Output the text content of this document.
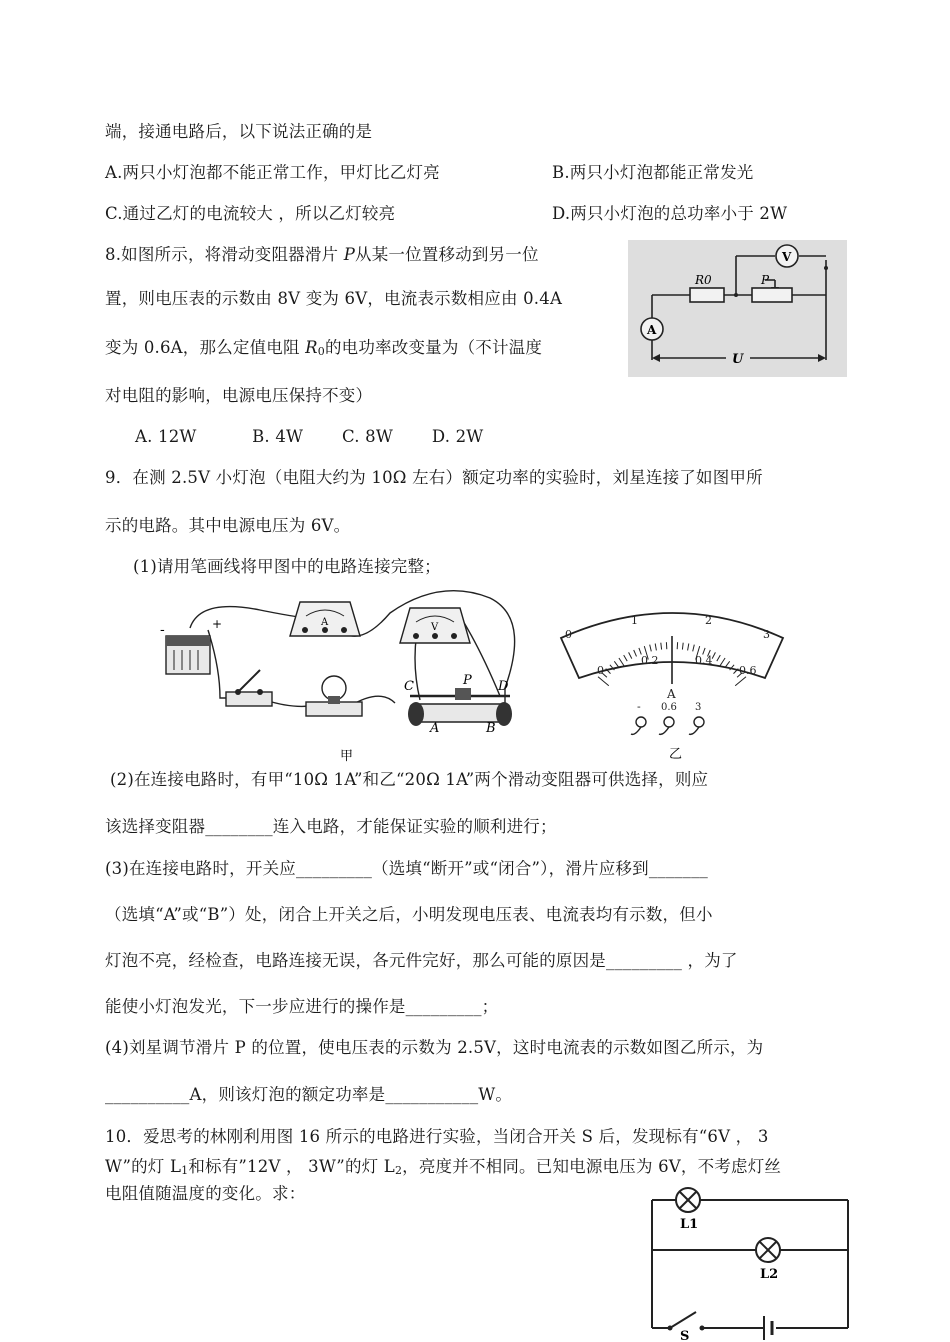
端，接通电路后，以下说法正确的是
A.两只小灯泡都不能正常工作，甲灯比乙灯亮	B.两只小灯泡都能正常发光
C.通过乙灯的电流较大 ，所以乙灯较亮	D.两只小灯泡的总功率小于 2W
8.如图所示，将滑动变阻器滑片 P从某一位置移动到另一位
置，则电压表的示数由 8V 变为 6V，电流表示数相应由 0.4A
变为 0.6A，那么定值电阻 $R_0$的电功率改变量为（不计温度
对电阻的影响，电源电压保持不变）
A. 12W　　　 B. 4W　　 C. 8W　　 D. 2W
R0	P
V
A
U
9．在测 2.5V 小灯泡（电阻大约为 10Ω 左右）额定功率的实验时，刘星连接了如图甲所
示的电路。其中电源电压为 6V。
(1)请用笔画线将甲图中的电路连接完整；
-	+	A	V
C	P D
A	B
甲
0
1	2
3
0
0.2	0.4
0.6
A
- 0.6 3
乙
(2)在连接电路时，有甲“10Ω 1A”和乙“20Ω 1A”两个滑动变阻器可供选择，则应
该选择变阻器________连入电路，才能保证实验的顺利进行；
(3)在连接电路时，开关应_________（选填“断开”或“闭合”），滑片应移到_______
（选填“A”或“B”）处，闭合上开关之后，小明发现电压表、电流表均有示数，但小
灯泡不亮，经检查，电路连接无误，各元件完好，那么可能的原因是_________ ，为了
能使小灯泡发光，下一步应进行的操作是_________；
(4)刘星调节滑片 P 的位置，使电压表的示数为 2.5V，这时电流表的示数如图乙所示，为
__________A，则该灯泡的额定功率是___________W。
10．爱思考的林刚利用图 16 所示的电路进行实验，当闭合开关 S 后，发现标有“6V ， 3
W”的灯 $L_1$和标有”12V ， 3W”的灯 $L_2$，亮度并不相同。已知电源电压为 6V，不考虑灯丝
电阻值随温度的变化。求：
L1
L2
S
